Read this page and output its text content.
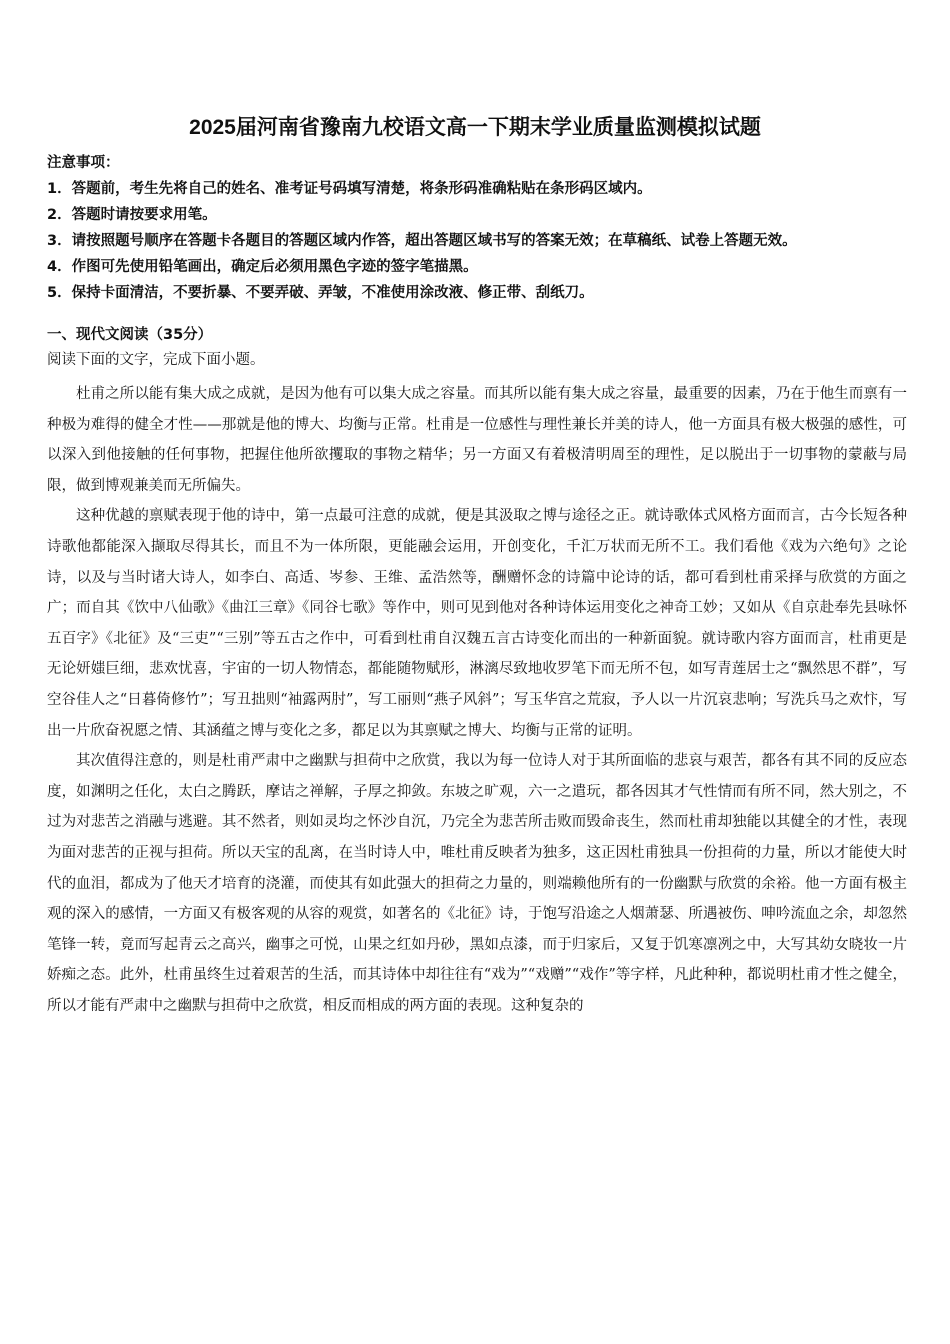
2025届河南省豫南九校语文高一下期末学业质量监测模拟试题
注意事项：
1．答题前，考生先将自己的姓名、准考证号码填写清楚，将条形码准确粘贴在条形码区域内。
2．答题时请按要求用笔。
3．请按照题号顺序在答题卡各题目的答题区域内作答，超出答题区域书写的答案无效；在草稿纸、试卷上答题无效。
4．作图可先使用铅笔画出，确定后必须用黑色字迹的签字笔描黑。
5．保持卡面清洁，不要折暴、不要弄破、弄皱，不准使用涂改液、修正带、刮纸刀。
一、现代文阅读（35分）
阅读下面的文字，完成下面小题。

杜甫之所以能有集大成之成就，是因为他有可以集大成之容量。而其所以能有集大成之容量，最重要的因素，乃在于他生而禀有一种极为难得的健全才性——那就是他的博大、均衡与正常。杜甫是一位感性与理性兼长并美的诗人，他一方面具有极大极强的感性，可以深入到他接触的任何事物，把握住他所欲攫取的事物之精华；另一方面又有着极清明周至的理性，足以脱出于一切事物的蒙蔽与局限，做到博观兼美而无所偏失。

这种优越的禀赋表现于他的诗中，第一点最可注意的成就，便是其汲取之博与途径之正。就诗歌体式风格方面而言，古今长短各种诗歌他都能深入撷取尽得其长，而且不为一体所限，更能融会运用，开创变化，千汇万状而无所不工。我们看他《戏为六绝句》之论诗，以及与当时诸大诗人，如李白、高适、岑参、王维、孟浩然等，酬赠怀念的诗篇中论诗的话，都可看到杜甫采择与欣赏的方面之广；而自其《饮中八仙歌》《曲江三章》《同谷七歌》等作中，则可见到他对各种诗体运用变化之神奇工妙；又如从《自京赴奉先县咏怀五百字》《北征》及“三吏”“三别”等五古之作中，可看到杜甫自汉魏五言古诗变化而出的一种新面貌。就诗歌内容方面而言，杜甫更是无论妍媸巨细，悲欢忧喜，宇宙的一切人物情态，都能随物赋形，淋漓尽致地收罗笔下而无所不包，如写青莲居士之“飘然思不群”，写空谷佳人之“日暮倚修竹”；写丑拙则“袖露两肘”，写工丽则“燕子风斜”；写玉华宫之荒寂，予人以一片沉哀悲响；写洗兵马之欢忭，写出一片欣奋祝愿之情、其涵蕴之博与变化之多，都足以为其禀赋之博大、均衡与正常的证明。

其次值得注意的，则是杜甫严肃中之幽默与担荷中之欣赏，我以为每一位诗人对于其所面临的悲哀与艰苦，都各有其不同的反应态度，如渊明之任化，太白之腾跃，摩诘之禅解，子厚之抑敛。东坡之旷观，六一之遣玩，都各因其才气性情而有所不同，然大别之，不过为对悲苦之消融与逃避。其不然者，则如灵均之怀沙自沉，乃完全为悲苦所击败而毁命丧生，然而杜甫却独能以其健全的才性，表现为面对悲苦的正视与担荷。所以天宝的乱离，在当时诗人中，唯杜甫反映者为独多，这正因杜甫独具一份担荷的力量，所以才能使大时代的血泪，都成为了他天才培育的浇灌，而使其有如此强大的担荷之力量的，则端赖他所有的一份幽默与欣赏的余裕。他一方面有极主观的深入的感情，一方面又有极客观的从容的观赏，如著名的《北征》诗，于饱写沿途之人烟萧瑟、所遇被伤、呻吟流血之余，却忽然笔锋一转，竟而写起青云之高兴，幽事之可悦，山果之红如丹砂，黑如点漆，而于归家后，又复于饥寒凛冽之中，大写其幼女晓妆一片娇痴之态。此外，杜甫虽终生过着艰苦的生活，而其诗体中却往往有“戏为”“戏赠”“戏作”等字样，凡此种种，都说明杜甫才性之健全，所以才能有严肃中之幽默与担荷中之欣赏，相反而相成的两方面的表现。这种复杂的
